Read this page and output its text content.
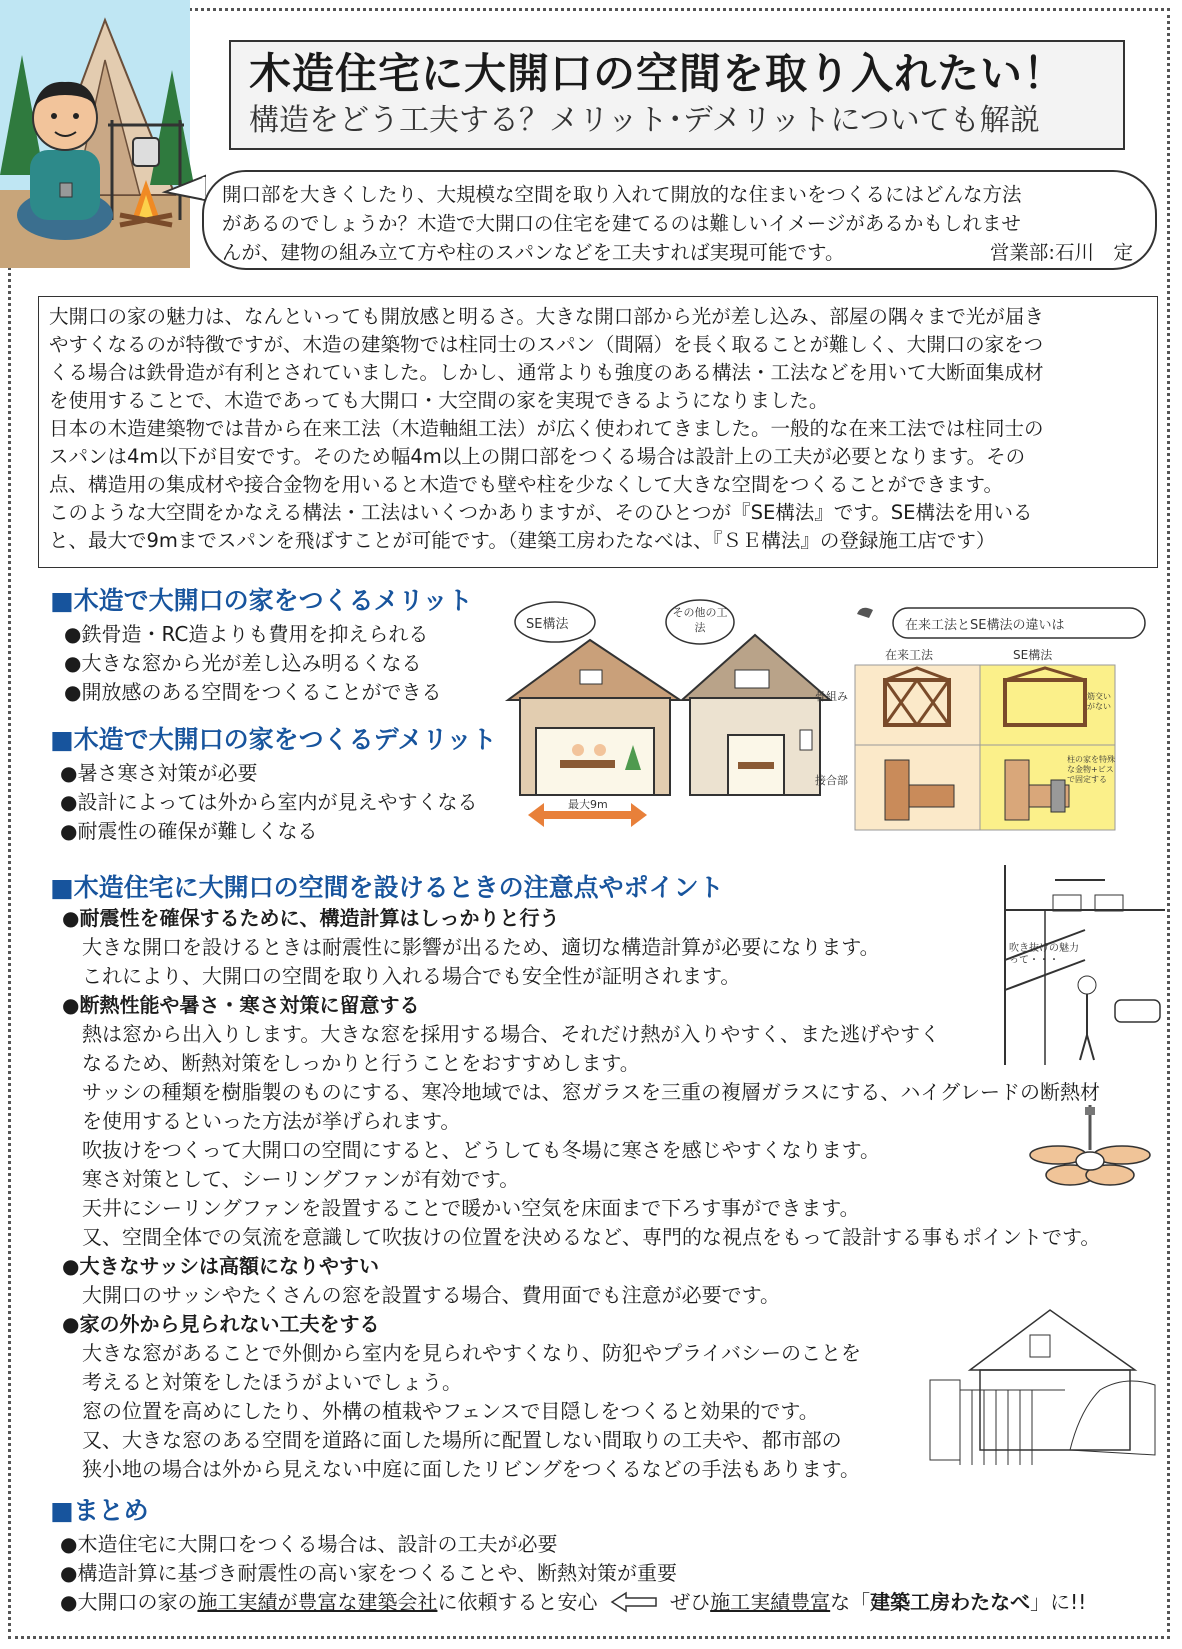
木造住宅に大開口の空間を取り入れたい！
構造をどう工夫する？メリット･デメリットについても解説
開口部を大きくしたり、大規模な空間を取り入れて開放的な住まいをつくるにはどんな方法
があるのでしょうか？木造で大開口の住宅を建てるのは難しいイメージがあるかもしれませ
んが、建物の組み立て方や柱のスパンなどを工夫すれば実現可能です。	営業部:石川　定
大開口の家の魅力は、なんといっても開放感と明るさ。大きな開口部から光が差し込み、部屋の隅々まで光が届き
やすくなるのが特徴ですが、木造の建築物では柱同士のスパン（間隔）を長く取ることが難しく、大開口の家をつ
くる場合は鉄骨造が有利とされていました。しかし、通常よりも強度のある構法・工法などを用いて大断面集成材
を使用することで、木造であっても大開口・大空間の家を実現できるようになりました。
日本の木造建築物では昔から在来工法（木造軸組工法）が広く使われてきました。一般的な在来工法では柱同士の
スパンは4m以下が目安です。そのため幅4m以上の開口部をつくる場合は設計上の工夫が必要となります。その
点、構造用の集成材や接合金物を用いると木造でも壁や柱を少なくして大きな空間をつくることができます。
このような大空間をかなえる構法・工法はいくつかありますが、そのひとつが『SE構法』です。SE構法を用いる
と、最大で9mまでスパンを飛ばすことが可能です。（建築工房わたなべは、『ＳＥ構法』の登録施工店です）
■木造で大開口の家をつくるメリット
●鉄骨造・RC造よりも費用を抑えられる
●大きな窓から光が差し込み明るくなる
●開放感のある空間をつくることができる
■木造で大開口の家をつくるデメリット
●暑さ寒さ対策が必要
●設計によっては外から室内が見えやすくなる
●耐震性の確保が難しくなる
SE構法
その他の工法
最大9m
在来工法とSE構法の違いは
在来工法	SE構法
骨組み
接合部
筋交いがない
柱の家を特殊な金物+ビスで固定する
■木造住宅に大開口の空間を設けるときの注意点やポイント
●耐震性を確保するために、構造計算はしっかりと行う
大きな開口を設けるときは耐震性に影響が出るため、適切な構造計算が必要になります。
これにより、大開口の空間を取り入れる場合でも安全性が証明されます。
●断熱性能や暑さ・寒さ対策に留意する
熱は窓から出入りします。大きな窓を採用する場合、それだけ熱が入りやすく、また逃げやすく
なるため、断熱対策をしっかりと行うことをおすすめします。
サッシの種類を樹脂製のものにする、寒冷地域では、窓ガラスを三重の複層ガラスにする、ハイグレードの断熱材
を使用するといった方法が挙げられます。
吹抜けをつくって大開口の空間にすると、どうしても冬場に寒さを感じやすくなります。
寒さ対策として、シーリングファンが有効です。
天井にシーリングファンを設置することで暖かい空気を床面まで下ろす事ができます。
又、空間全体での気流を意識して吹抜けの位置を決めるなど、専門的な視点をもって設計する事もポイントです。
●大きなサッシは高額になりやすい
大開口のサッシやたくさんの窓を設置する場合、費用面でも注意が必要です。
●家の外から見られない工夫をする
大きな窓があることで外側から室内を見られやすくなり、防犯やプライバシーのことを
考えると対策をしたほうがよいでしょう。
窓の位置を高めにしたり、外構の植栽やフェンスで目隠しをつくると効果的です。
又、大きな窓のある空間を道路に面した場所に配置しない間取りの工夫や、都市部の
狭小地の場合は外から見えない中庭に面したリビングをつくるなどの手法もあります。
吹き抜けの魅力って・・・
■まとめ
●木造住宅に大開口をつくる場合は、設計の工夫が必要
●構造計算に基づき耐震性の高い家をつくることや、断熱対策が重要
●大開口の家の施工実績が豊富な建築会社に依頼すると安心	ぜひ施工実績豊富な「建築工房わたなべ」に!!
